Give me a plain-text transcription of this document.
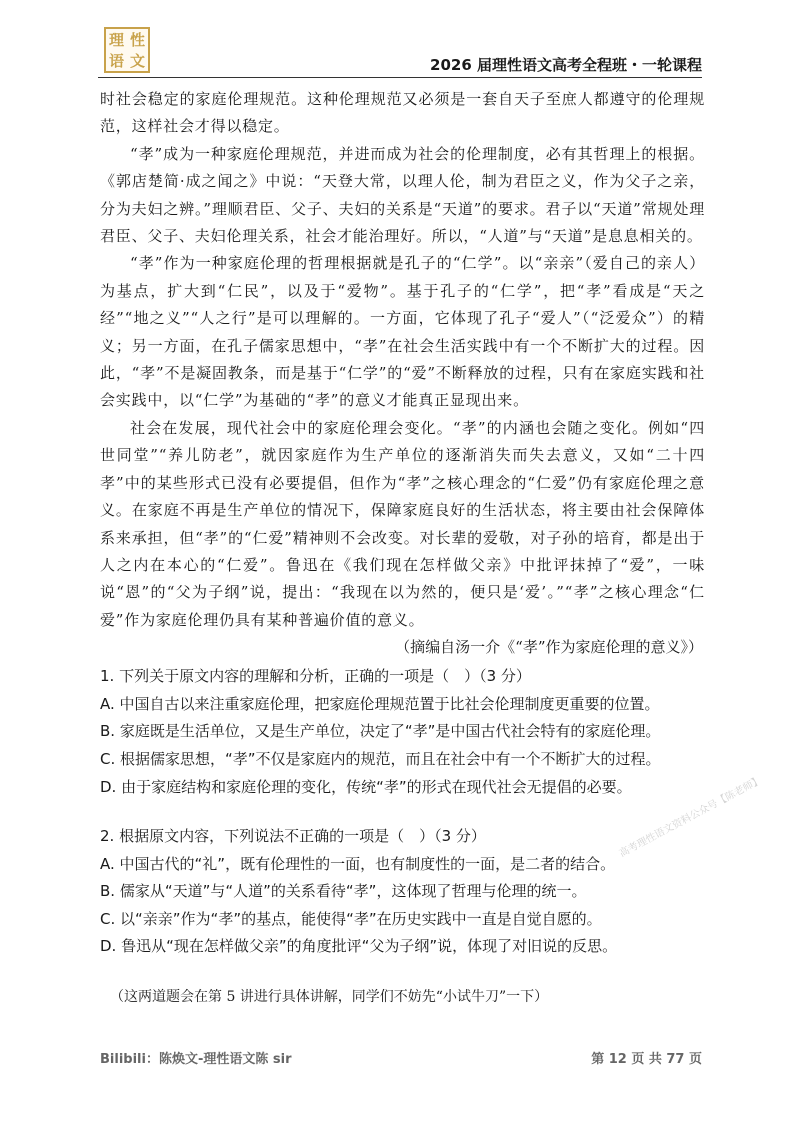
理 性
语 文	2026 届理性语文高考全程班・一轮课程

时社会稳定的家庭伦理规范。这种伦理规范又必须是一套自天子至庶人都遵守的伦理规范，这样社会才得以稳定。

“孝”成为一种家庭伦理规范，并进而成为社会的伦理制度，必有其哲理上的根据。《郭店楚简·成之闻之》中说：“天登大常，以理人伦，制为君臣之义，作为父子之亲，分为夫妇之辨。”理顺君臣、父子、夫妇的关系是“天道”的要求。君子以“天道”常规处理君臣、父子、夫妇伦理关系，社会才能治理好。所以，“人道”与“天道”是息息相关的。

“孝”作为一种家庭伦理的哲理根据就是孔子的“仁学”。以“亲亲”（爱自己的亲人）为基点，扩大到“仁民”，以及于“爱物”。基于孔子的“仁学”，把“孝”看成是“天之经”“地之义”“人之行”是可以理解的。一方面，它体现了孔子“爱人”（“泛爱众”）的精义；另一方面，在孔子儒家思想中，“孝”在社会生活实践中有一个不断扩大的过程。因此，“孝”不是凝固教条，而是基于“仁学”的“爱”不断释放的过程，只有在家庭实践和社会实践中，以“仁学”为基础的“孝”的意义才能真正显现出来。

社会在发展，现代社会中的家庭伦理会变化。“孝”的内涵也会随之变化。例如“四世同堂”“养儿防老”，就因家庭作为生产单位的逐渐消失而失去意义，又如“二十四孝”中的某些形式已没有必要提倡，但作为“孝”之核心理念的“仁爱”仍有家庭伦理之意义。在家庭不再是生产单位的情况下，保障家庭良好的生活状态，将主要由社会保障体系来承担，但“孝”的“仁爱”精神则不会改变。对长辈的爱敬，对子孙的培育，都是出于人之内在本心的“仁爱”。鲁迅在《我们现在怎样做父亲》中批评抹掉了“爱”，一味说“恩”的“父为子纲”说，提出：“我现在以为然的，便只是‘爱’。”“孝”之核心理念“仁爱”作为家庭伦理仍具有某种普遍价值的意义。

（摘编自汤一介《“孝”作为家庭伦理的意义》）

1. 下列关于原文内容的理解和分析，正确的一项是（　）（3 分）

A. 中国自古以来注重家庭伦理，把家庭伦理规范置于比社会伦理制度更重要的位置。

B. 家庭既是生活单位，又是生产单位，决定了“孝”是中国古代社会特有的家庭伦理。

C. 根据儒家思想，“孝”不仅是家庭内的规范，而且在社会中有一个不断扩大的过程。

D. 由于家庭结构和家庭伦理的变化，传统“孝”的形式在现代社会无提倡的必要。

2. 根据原文内容，下列说法不正确的一项是（　）（3 分）

A. 中国古代的“礼”，既有伦理性的一面，也有制度性的一面，是二者的结合。

B. 儒家从“天道”与“人道”的关系看待“孝”，这体现了哲理与伦理的统一。

C. 以“亲亲”作为“孝”的基点，能使得“孝”在历史实践中一直是自觉自愿的。

D. 鲁迅从“现在怎样做父亲”的角度批评“父为子纲”说，体现了对旧说的反思。

（这两道题会在第 5 讲进行具体讲解，同学们不妨先“小试牛刀”一下）

高考理性语文资料公众号【陈老师】
Bilibili：陈焕文-理性语文陈 sir	第 12 页 共 77 页
